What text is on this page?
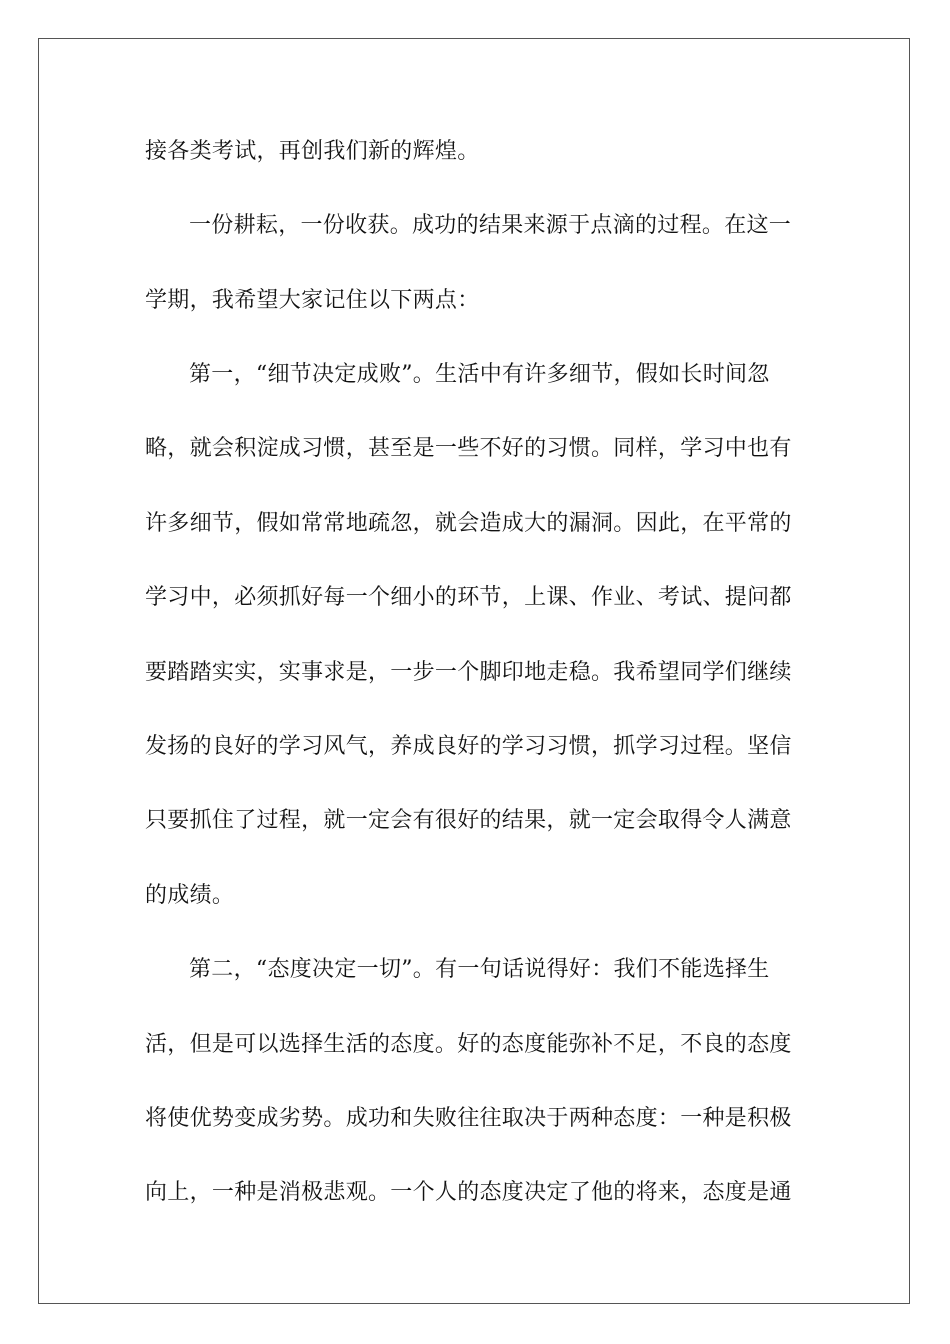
接各类考试，再创我们新的辉煌。
一份耕耘，一份收获。成功的结果来源于点滴的过程。在这一
学期，我希望大家记住以下两点：
第一，“细节决定成败”。生活中有许多细节，假如长时间忽
略，就会积淀成习惯，甚至是一些不好的习惯。同样，学习中也有
许多细节，假如常常地疏忽，就会造成大的漏洞。因此，在平常的
学习中，必须抓好每一个细小的环节，上课、作业、考试、提问都
要踏踏实实，实事求是，一步一个脚印地走稳。我希望同学们继续
发扬的良好的学习风气，养成良好的学习习惯，抓学习过程。坚信
只要抓住了过程，就一定会有很好的结果，就一定会取得令人满意
的成绩。
第二，“态度决定一切”。有一句话说得好：我们不能选择生
活，但是可以选择生活的态度。好的态度能弥补不足，不良的态度
将使优势变成劣势。成功和失败往往取决于两种态度：一种是积极
向上，一种是消极悲观。一个人的态度决定了他的将来，态度是通
